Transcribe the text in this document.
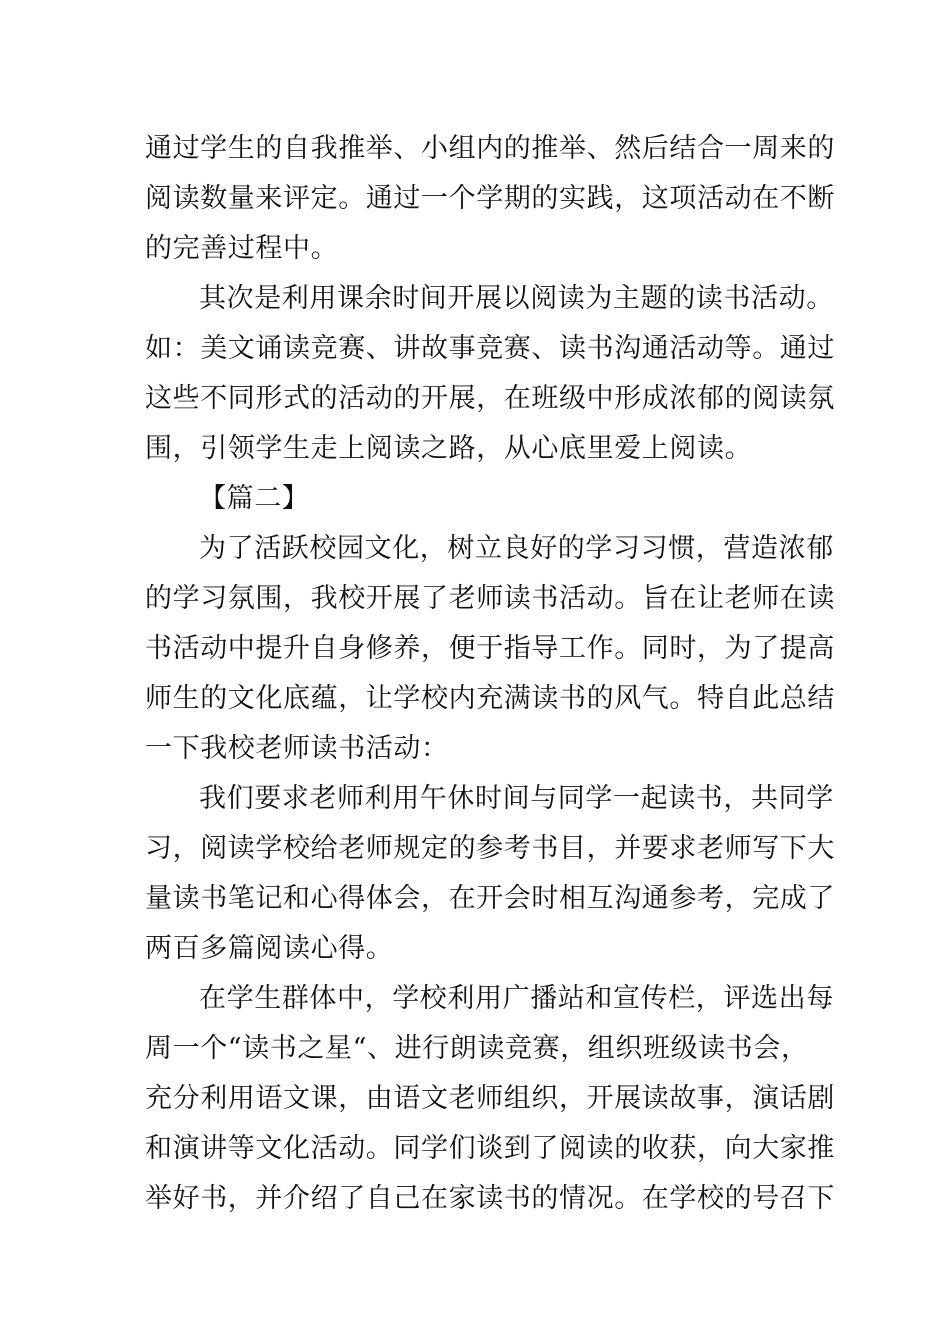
通过学生的自我推举、小组内的推举、然后结合一周来的
阅读数量来评定。通过一个学期的实践，这项活动在不断
的完善过程中。
其次是利用课余时间开展以阅读为主题的读书活动。
如：美文诵读竞赛、讲故事竞赛、读书沟通活动等。通过
这些不同形式的活动的开展，在班级中形成浓郁的阅读氛
围，引领学生走上阅读之路，从心底里爱上阅读。
【篇二】
为了活跃校园文化，树立良好的学习习惯，营造浓郁
的学习氛围，我校开展了老师读书活动。旨在让老师在读
书活动中提升自身修养，便于指导工作。同时，为了提高
师生的文化底蕴，让学校内充满读书的风气。特自此总结
一下我校老师读书活动：
我们要求老师利用午休时间与同学一起读书，共同学
习，阅读学校给老师规定的参考书目，并要求老师写下大
量读书笔记和心得体会，在开会时相互沟通参考，完成了
两百多篇阅读心得。
在学生群体中，学校利用广播站和宣传栏，评选出每
周一个“读书之星“、进行朗读竞赛，组织班级读书会，
充分利用语文课，由语文老师组织，开展读故事，演话剧
和演讲等文化活动。同学们谈到了阅读的收获，向大家推
举好书，并介绍了自己在家读书的情况。在学校的号召下
